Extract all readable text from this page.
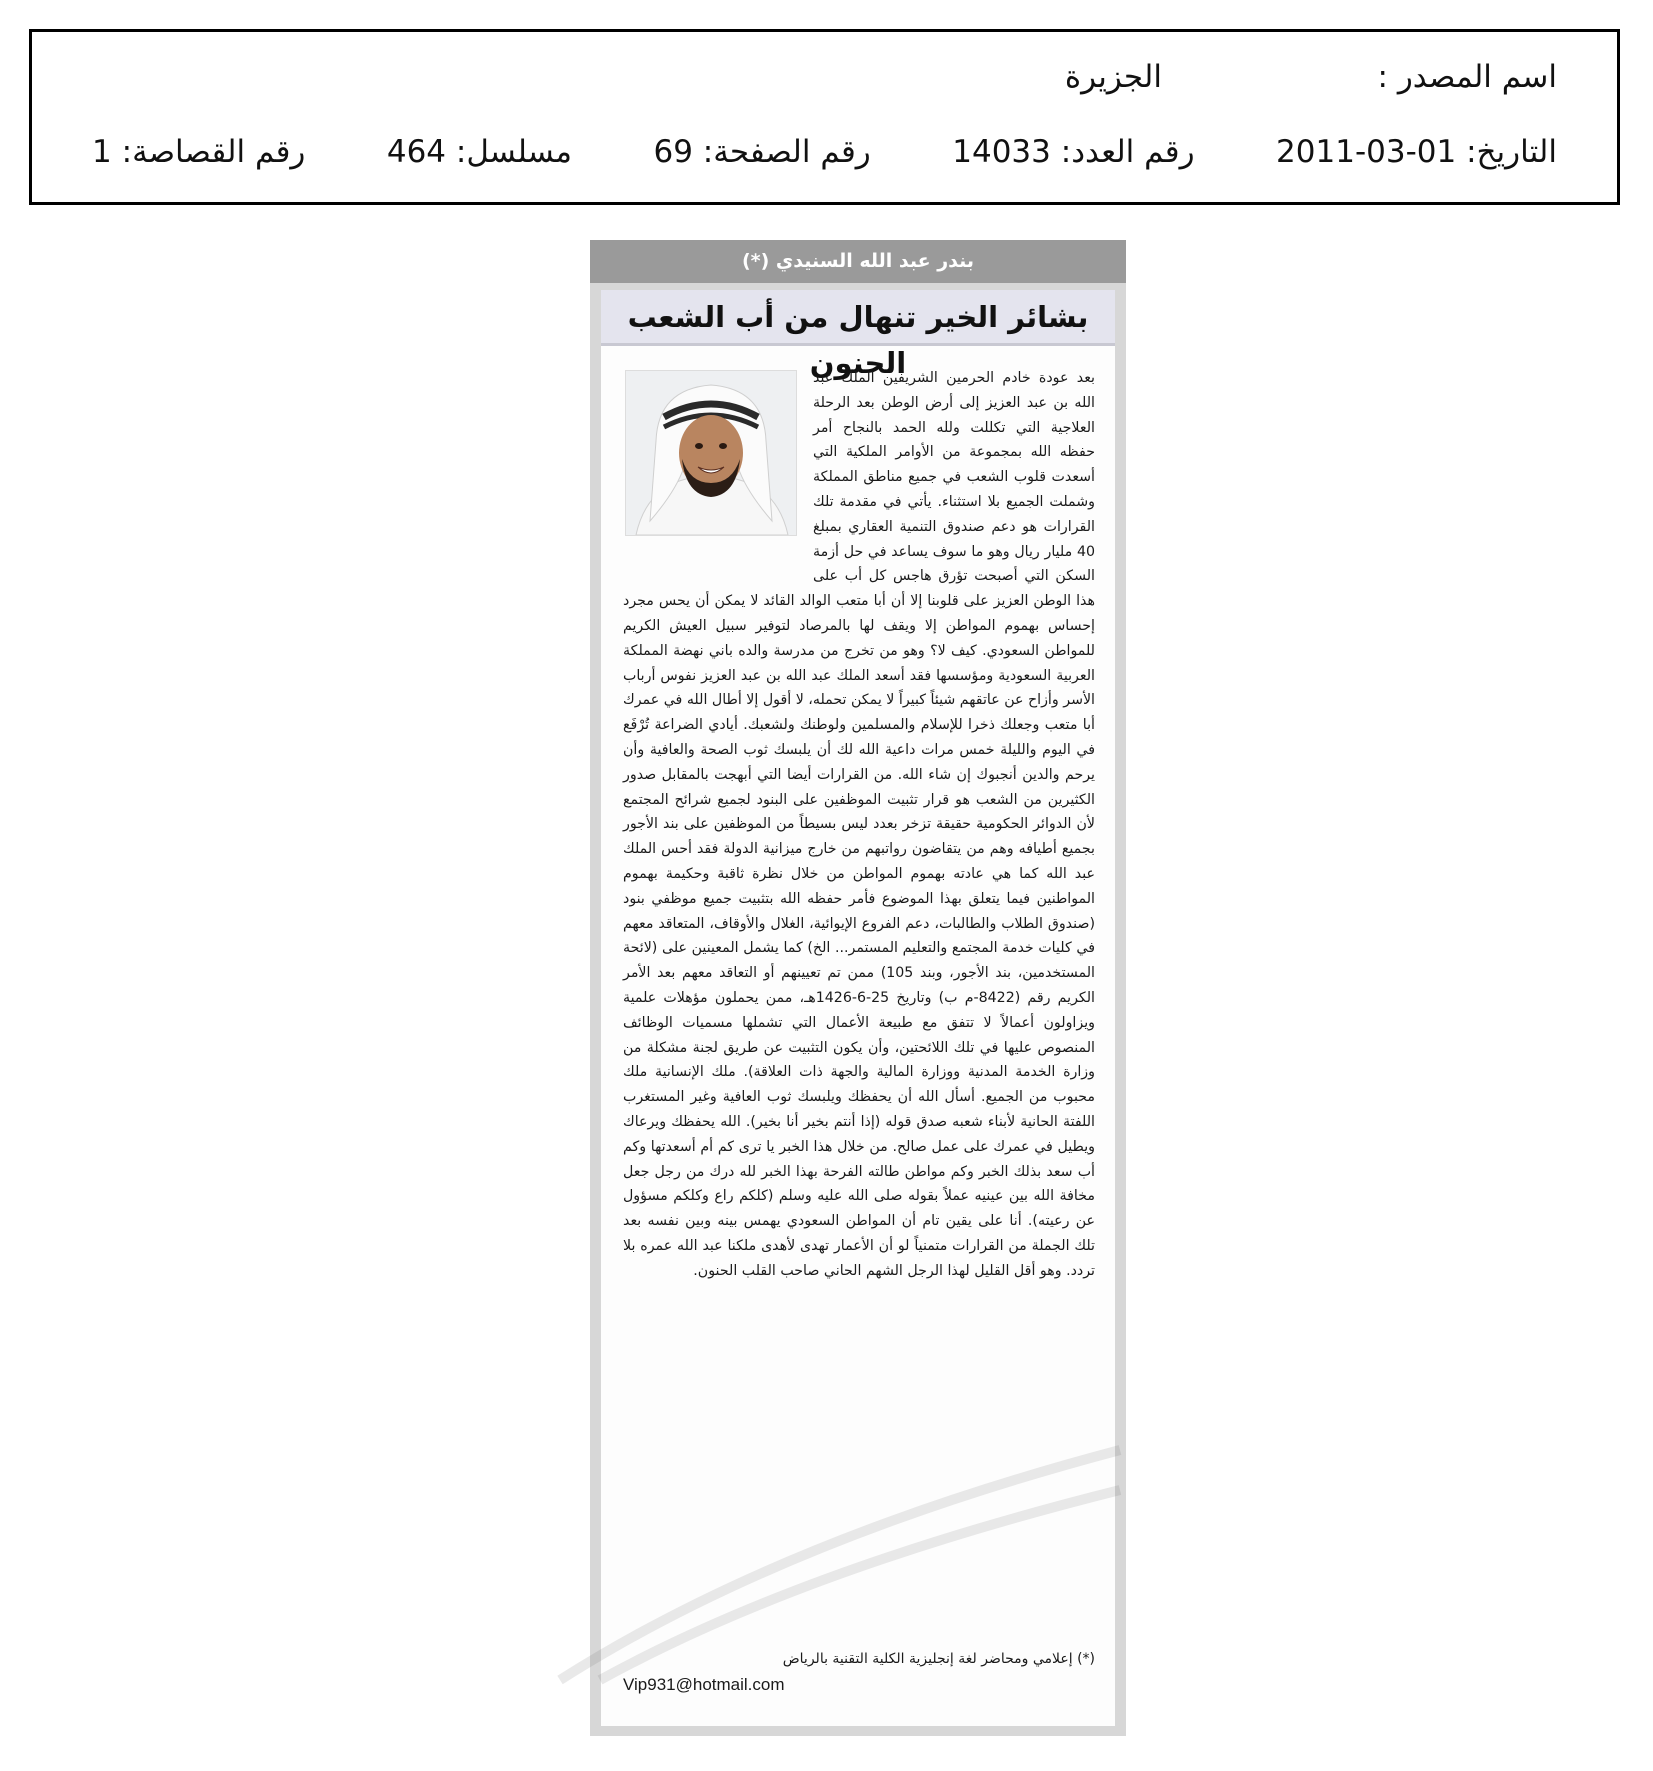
اسم المصدر :
الجزيرة
التاريخ: 2011-03-01
رقم العدد: 14033
رقم الصفحة: 69
مسلسل: 464
رقم القصاصة: 1
بندر عبد الله السنيدي (*)
بشائر الخير تنهال من أب الشعب الحنون
بعد عودة خادم الحرمين الشريفين الملك عبد الله بن عبد العزيز إلى أرض الوطن بعد الرحلة العلاجية التي تكللت ولله الحمد بالنجاح أمر حفظه الله بمجموعة من الأوامر الملكية التي أسعدت قلوب الشعب في جميع مناطق المملكة وشملت الجميع بلا استثناء. يأتي في مقدمة تلك القرارات هو دعم صندوق التنمية العقاري بمبلغ 40 مليار ريال وهو ما سوف يساعد في حل أزمة السكن التي أصبحت تؤرق هاجس كل أب على هذا الوطن العزيز على قلوبنا إلا أن أبا متعب الوالد القائد لا يمكن أن يحس مجرد إحساس بهموم المواطن إلا ويقف لها بالمرصاد لتوفير سبيل العيش الكريم للمواطن السعودي. كيف لا؟ وهو من تخرج من مدرسة والده باني نهضة المملكة العربية السعودية ومؤسسها فقد أسعد الملك عبد الله بن عبد العزيز نفوس أرباب الأسر وأزاح عن عاتقهم شيئاً كبيراً لا يمكن تحمله، لا أقول إلا أطال الله في عمرك أبا متعب وجعلك ذخرا للإسلام والمسلمين ولوطنك ولشعبك. أيادي الضراعة تُرْفَع في اليوم والليلة خمس مرات داعية الله لك أن يلبسك ثوب الصحة والعافية وأن يرحم والدين أنجبوك إن شاء الله. من القرارات أيضا التي أبهجت بالمقابل صدور الكثيرين من الشعب هو قرار تثبيت الموظفين على البنود لجميع شرائح المجتمع لأن الدوائر الحكومية حقيقة تزخر بعدد ليس بسيطاً من الموظفين على بند الأجور بجميع أطيافه وهم من يتقاضون رواتبهم من خارج ميزانية الدولة فقد أحس الملك عبد الله كما هي عادته بهموم المواطن من خلال نظرة ثاقبة وحكيمة بهموم المواطنين فيما يتعلق بهذا الموضوع فأمر حفظه الله بتثبيت جميع موظفي بنود (صندوق الطلاب والطالبات، دعم الفروع الإيوائية، الغلال والأوقاف، المتعاقد معهم في كليات خدمة المجتمع والتعليم المستمر... الخ) كما يشمل المعينين على (لائحة المستخدمين، بند الأجور، وبند 105) ممن تم تعيينهم أو التعاقد معهم بعد الأمر الكريم رقم (8422-م ب) وتاريخ 25-6-1426هـ، ممن يحملون مؤهلات علمية ويزاولون أعمالاً لا تتفق مع طبيعة الأعمال التي تشملها مسميات الوظائف المنصوص عليها في تلك اللائحتين، وأن يكون التثبيت عن طريق لجنة مشكلة من وزارة الخدمة المدنية ووزارة المالية والجهة ذات العلاقة). ملك الإنسانية ملك محبوب من الجميع. أسأل الله أن يحفظك ويلبسك ثوب العافية وغير المستغرب اللفتة الحانية لأبناء شعبه صدق قوله (إذا أنتم بخير أنا بخير). الله يحفظك ويرعاك ويطيل في عمرك على عمل صالح. من خلال هذا الخبر يا ترى كم أم أسعدتها وكم أب سعد بذلك الخبر وكم مواطن طالته الفرحة بهذا الخبر لله درك من رجل جعل مخافة الله بين عينيه عملاً بقوله صلى الله عليه وسلم (كلكم راع وكلكم مسؤول عن رعيته). أنا على يقين تام أن المواطن السعودي يهمس بينه وبين نفسه بعد تلك الجملة من القرارات متمنياً لو أن الأعمار تهدى لأهدى ملكنا عبد الله عمره بلا تردد. وهو أقل القليل لهذا الرجل الشهم الحاني صاحب القلب الحنون.
(*) إعلامي ومحاضر لغة إنجليزية الكلية التقنية بالرياض
Vip931@hotmail.com
